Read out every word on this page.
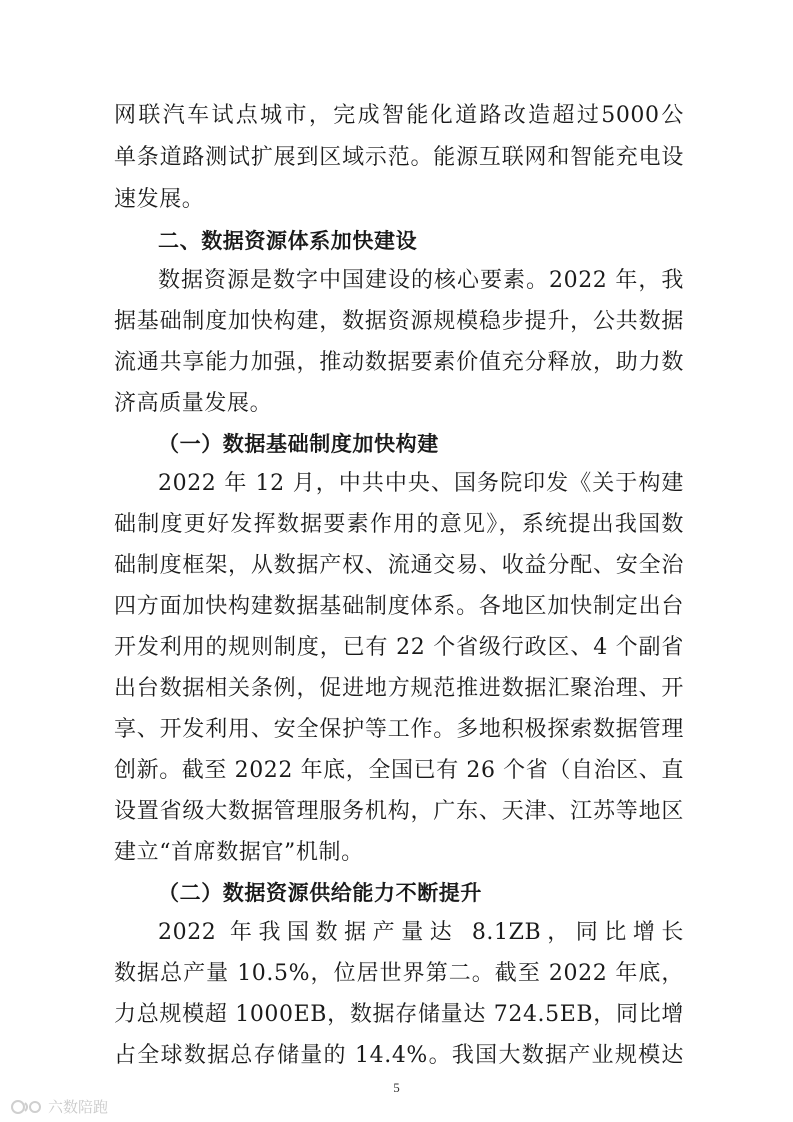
网联汽车试点城市，完成智能化道路改造超过5000公
单条道路测试扩展到区域示范。能源互联网和智能充电设
速发展。
二、数据资源体系加快建设
数据资源是数字中国建设的核心要素。2022 年，我
据基础制度加快构建，数据资源规模稳步提升，公共数据
流通共享能力加强，推动数据要素价值充分释放，助力数
济高质量发展。
（一）数据基础制度加快构建
2022 年 12 月，中共中央、国务院印发《关于构建
础制度更好发挥数据要素作用的意见》，系统提出我国数
础制度框架，从数据产权、流通交易、收益分配、安全治
四方面加快构建数据基础制度体系。各地区加快制定出台
开发利用的规则制度，已有 22 个省级行政区、4 个副省
出台数据相关条例，促进地方规范推进数据汇聚治理、开
享、开发利用、安全保护等工作。多地积极探索数据管理
创新。截至 2022 年底，全国已有 26 个省（自治区、直
设置省级大数据管理服务机构，广东、天津、江苏等地区
建立“首席数据官”机制。
（二）数据资源供给能力不断提升
2022 年我国数据产量达 8.1ZB，同比增长
数据总产量 10.5%，位居世界第二。截至 2022 年底，
力总规模超 1000EB，数据存储量达 724.5EB，同比增
占全球数据总存储量的 14.4%。我国大数据产业规模达
5
六数陪跑
